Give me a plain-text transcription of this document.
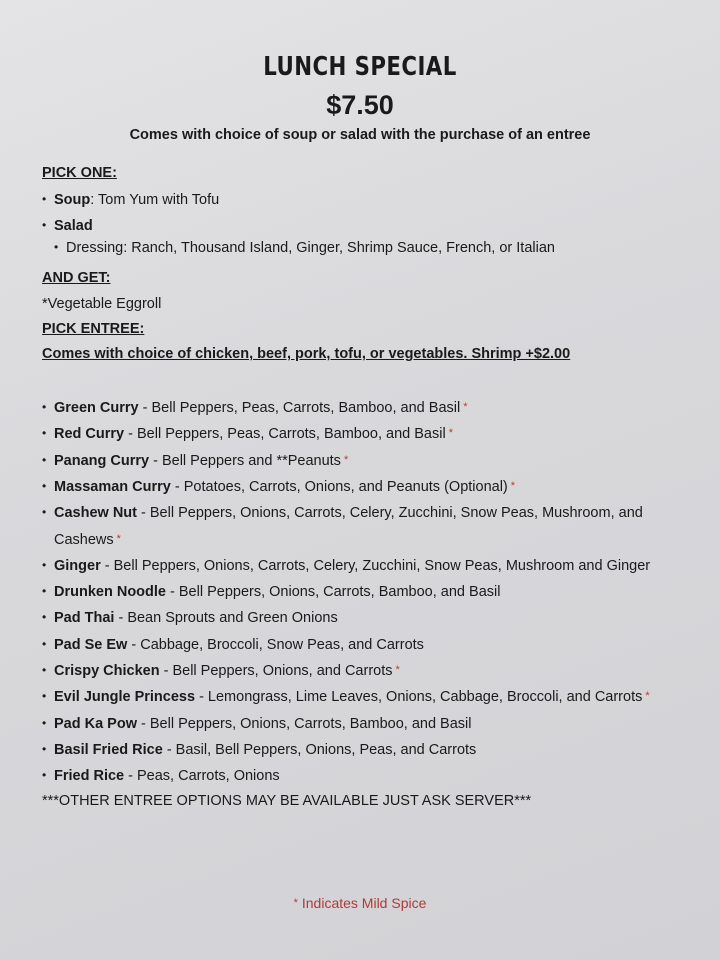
LUNCH SPECIAL
$7.50
Comes with choice of soup or salad with the purchase of an entree
PICK ONE:
• Soup: Tom Yum with Tofu
• Salad
• Dressing: Ranch, Thousand Island, Ginger, Shrimp Sauce, French, or Italian
AND GET:
*Vegetable Eggroll
PICK ENTREE:
Comes with choice of chicken, beef, pork, tofu, or vegetables. Shrimp +$2.00
• Green Curry - Bell Peppers, Peas, Carrots, Bamboo, and Basil *
• Red Curry - Bell Peppers, Peas, Carrots, Bamboo, and Basil *
• Panang Curry - Bell Peppers and **Peanuts *
• Massaman Curry - Potatoes, Carrots, Onions, and Peanuts (Optional) *
• Cashew Nut - Bell Peppers, Onions, Carrots, Celery, Zucchini, Snow Peas, Mushroom, and
Cashews *
• Ginger - Bell Peppers, Onions, Carrots, Celery, Zucchini, Snow Peas, Mushroom and Ginger
• Drunken Noodle - Bell Peppers, Onions, Carrots, Bamboo, and Basil
• Pad Thai - Bean Sprouts and Green Onions
• Pad Se Ew - Cabbage, Broccoli, Snow Peas, and Carrots
• Crispy Chicken - Bell Peppers, Onions, and Carrots *
• Evil Jungle Princess - Lemongrass, Lime Leaves, Onions, Cabbage, Broccoli, and Carrots *
• Pad Ka Pow - Bell Peppers, Onions, Carrots, Bamboo, and Basil
• Basil Fried Rice - Basil, Bell Peppers, Onions, Peas, and Carrots
• Fried Rice - Peas, Carrots, Onions
***OTHER ENTREE OPTIONS MAY BE AVAILABLE JUST ASK SERVER***
* Indicates Mild Spice
